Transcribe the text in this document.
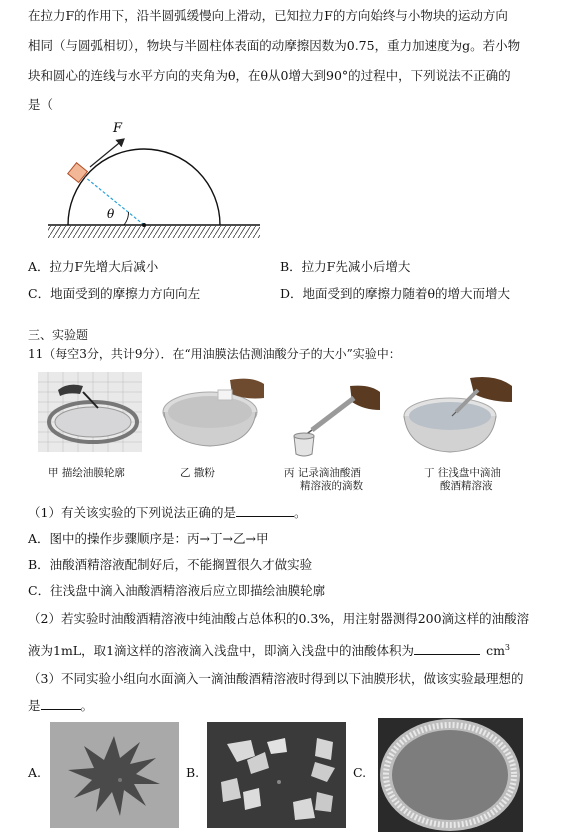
在拉力F的作用下，沿半圆弧缓慢向上滑动，已知拉力F的方向始终与小物块的运动方向
相同（与圆弧相切），物块与半圆柱体表面的动摩擦因数为0.75，重力加速度为g。若小物
块和圆心的连线与水平方向的夹角为θ，在θ从0增大到90°的过程中，下列说法不正确的
是（
θ
F
A．拉力F先增大后减小	B．拉力F先减小后增大
C．地面受到的摩擦力方向向左	D．地面受到的摩擦力随着θ的增大而增大
三、实验题
11（每空3分，共计9分）．在“用油膜法估测油酸分子的大小”实验中：
甲 描绘油膜轮廓	乙 撒粉	丙 记录滴油酸酒
精溶液的滴数
丁 往浅盘中滴油
酸酒精溶液
（1）有关该实验的下列说法正确的是	。
A．图中的操作步骤顺序是：丙→丁→乙→甲
B．油酸酒精溶液配制好后，不能搁置很久才做实验
C．往浅盘中滴入油酸酒精溶液后应立即描绘油膜轮廓
（2）若实验时油酸酒精溶液中纯油酸占总体积的0.3%，用注射器测得200滴这样的油酸溶
液为1mL，取1滴这样的溶液滴入浅盘中，即滴入浅盘中的油酸体积为	$cm^3$
（3）不同实验小组向水面滴入一滴油酸酒精溶液时得到以下油膜形状，做该实验最理想的
是	。
A.	B.	C.
